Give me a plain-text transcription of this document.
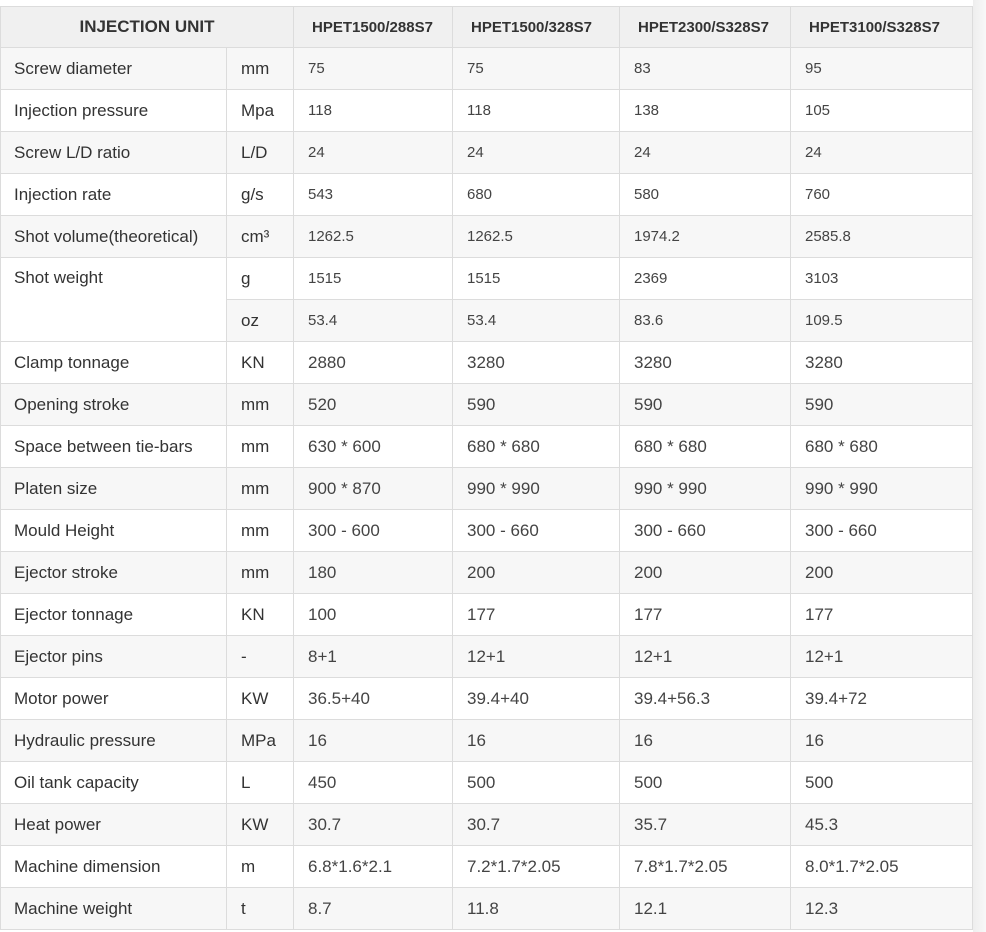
INJECTION UNIT		HPET1500/288S7	HPET1500/328S7	HPET2300/S328S7	HPET3100/S328S7
Screw diameter	mm	75	75	83	95
Injection pressure	Mpa	118	118	138	105
Screw L/D ratio	L/D	24	24	24	24
Injection rate	g/s	543	680	580	760
Shot volume(theoretical)	cm³	1262.5	1262.5	1974.2	2585.8
Shot weight	g	1515	1515	2369	3103
	oz	53.4	53.4	83.6	109.5
Clamp tonnage	KN	2880	3280	3280	3280
Opening stroke	mm	520	590	590	590
Space between tie-bars	mm	630 * 600	680 * 680	680 * 680	680 * 680
Platen size	mm	900 * 870	990 * 990	990 * 990	990 * 990
Mould Height	mm	300 - 600	300 - 660	300 - 660	300 - 660
Ejector stroke	mm	180	200	200	200
Ejector tonnage	KN	100	177	177	177
Ejector pins	-	8+1	12+1	12+1	12+1
Motor power	KW	36.5+40	39.4+40	39.4+56.3	39.4+72
Hydraulic pressure	MPa	16	16	16	16
Oil tank capacity	L	450	500	500	500
Heat power	KW	30.7	30.7	35.7	45.3
Machine dimension	m	6.8*1.6*2.1	7.2*1.7*2.05	7.8*1.7*2.05	8.0*1.7*2.05
Machine weight	t	8.7	11.8	12.1	12.3
